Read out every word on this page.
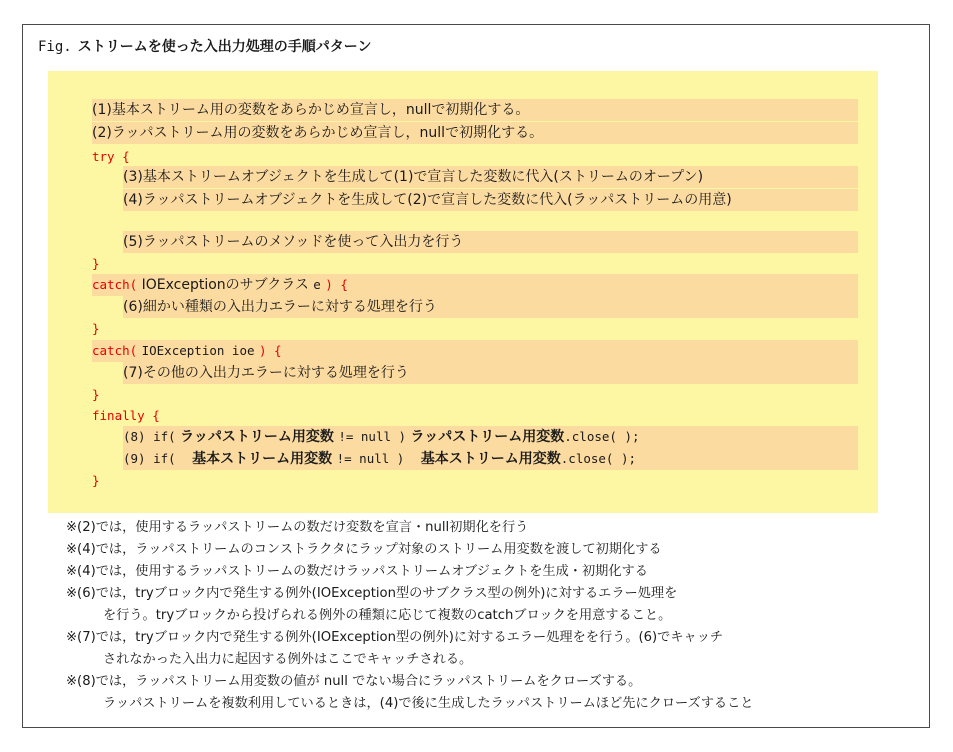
Fig. ストリームを使った入出力処理の手順パターン
(1)基本ストリーム用の変数をあらかじめ宣言し，nullで初期化する。
(2)ラッパストリーム用の変数をあらかじめ宣言し，nullで初期化する。
try {
(3)基本ストリームオブジェクトを生成して(1)で宣言した変数に代入(ストリームのオープン)
(4)ラッパストリームオブジェクトを生成して(2)で宣言した変数に代入(ラッパストリームの用意)
(5)ラッパストリームのメソッドを使って入出力を行う
}
catch( IOExceptionのサブクラス e ) {
(6)細かい種類の入出力エラーに対する処理を行う
}
catch( IOException ioe ) {
(7)その他の入出力エラーに対する処理を行う
}
finally {
(8) if( ラッパストリーム用変数 != null ) ラッパストリーム用変数.close( );
(9) if( 基本ストリーム用変数 != null ) 基本ストリーム用変数.close( );
}
※(2)では，使用するラッパストリームの数だけ変数を宣言・null初期化を行う
※(4)では，ラッパストリームのコンストラクタにラップ対象のストリーム用変数を渡して初期化する
※(4)では，使用するラッパストリームの数だけラッパストリームオブジェクトを生成・初期化する
※(6)では，tryブロック内で発生する例外(IOException型のサブクラス型の例外)に対するエラー処理を
を行う。tryブロックから投げられる例外の種類に応じて複数のcatchブロックを用意すること。
※(7)では，tryブロック内で発生する例外(IOException型の例外)に対するエラー処理をを行う。(6)でキャッチ
されなかった入出力に起因する例外はここでキャッチされる。
※(8)では，ラッパストリーム用変数の値が null でない場合にラッパストリームをクローズする。
ラッパストリームを複数利用しているときは，(4)で後に生成したラッパストリームほど先にクローズすること
